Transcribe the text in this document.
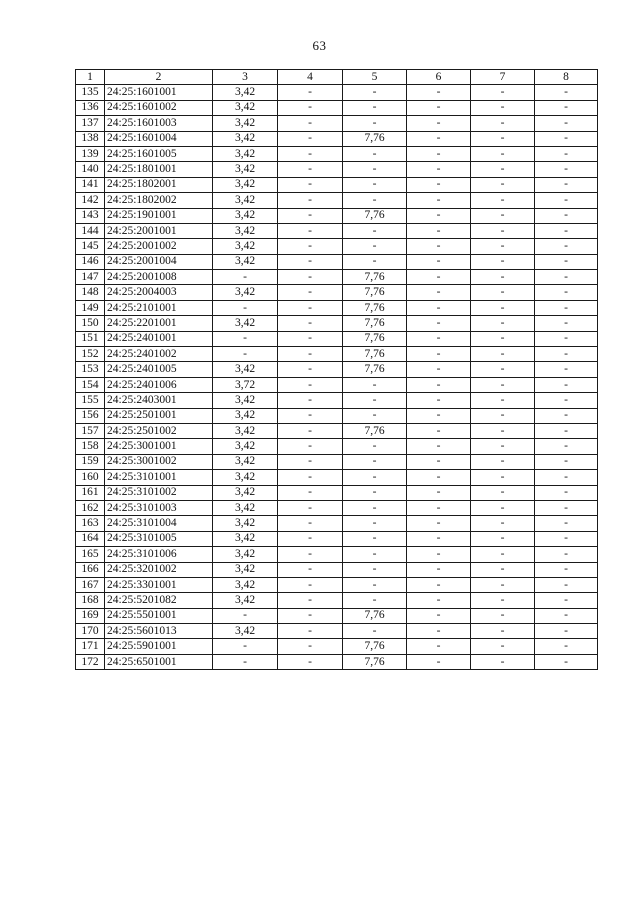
63
1	2	3	4	5	6	7	8
135	24:25:1601001	3,42	-	-	-	-	-
136	24:25:1601002	3,42	-	-	-	-	-
137	24:25:1601003	3,42	-	-	-	-	-
138	24:25:1601004	3,42	-	7,76	-	-	-
139	24:25:1601005	3,42	-	-	-	-	-
140	24:25:1801001	3,42	-	-	-	-	-
141	24:25:1802001	3,42	-	-	-	-	-
142	24:25:1802002	3,42	-	-	-	-	-
143	24:25:1901001	3,42	-	7,76	-	-	-
144	24:25:2001001	3,42	-	-	-	-	-
145	24:25:2001002	3,42	-	-	-	-	-
146	24:25:2001004	3,42	-	-	-	-	-
147	24:25:2001008	-	-	7,76	-	-	-
148	24:25:2004003	3,42	-	7,76	-	-	-
149	24:25:2101001	-	-	7,76	-	-	-
150	24:25:2201001	3,42	-	7,76	-	-	-
151	24:25:2401001	-	-	7,76	-	-	-
152	24:25:2401002	-	-	7,76	-	-	-
153	24:25:2401005	3,42	-	7,76	-	-	-
154	24:25:2401006	3,72	-	-	-	-	-
155	24:25:2403001	3,42	-	-	-	-	-
156	24:25:2501001	3,42	-	-	-	-	-
157	24:25:2501002	3,42	-	7,76	-	-	-
158	24:25:3001001	3,42	-	-	-	-	-
159	24:25:3001002	3,42	-	-	-	-	-
160	24:25:3101001	3,42	-	-	-	-	-
161	24:25:3101002	3,42	-	-	-	-	-
162	24:25:3101003	3,42	-	-	-	-	-
163	24:25:3101004	3,42	-	-	-	-	-
164	24:25:3101005	3,42	-	-	-	-	-
165	24:25:3101006	3,42	-	-	-	-	-
166	24:25:3201002	3,42	-	-	-	-	-
167	24:25:3301001	3,42	-	-	-	-	-
168	24:25:5201082	3,42	-	-	-	-	-
169	24:25:5501001	-	-	7,76	-	-	-
170	24:25:5601013	3,42	-	-	-	-	-
171	24:25:5901001	-	-	7,76	-	-	-
172	24:25:6501001	-	-	7,76	-	-	-
